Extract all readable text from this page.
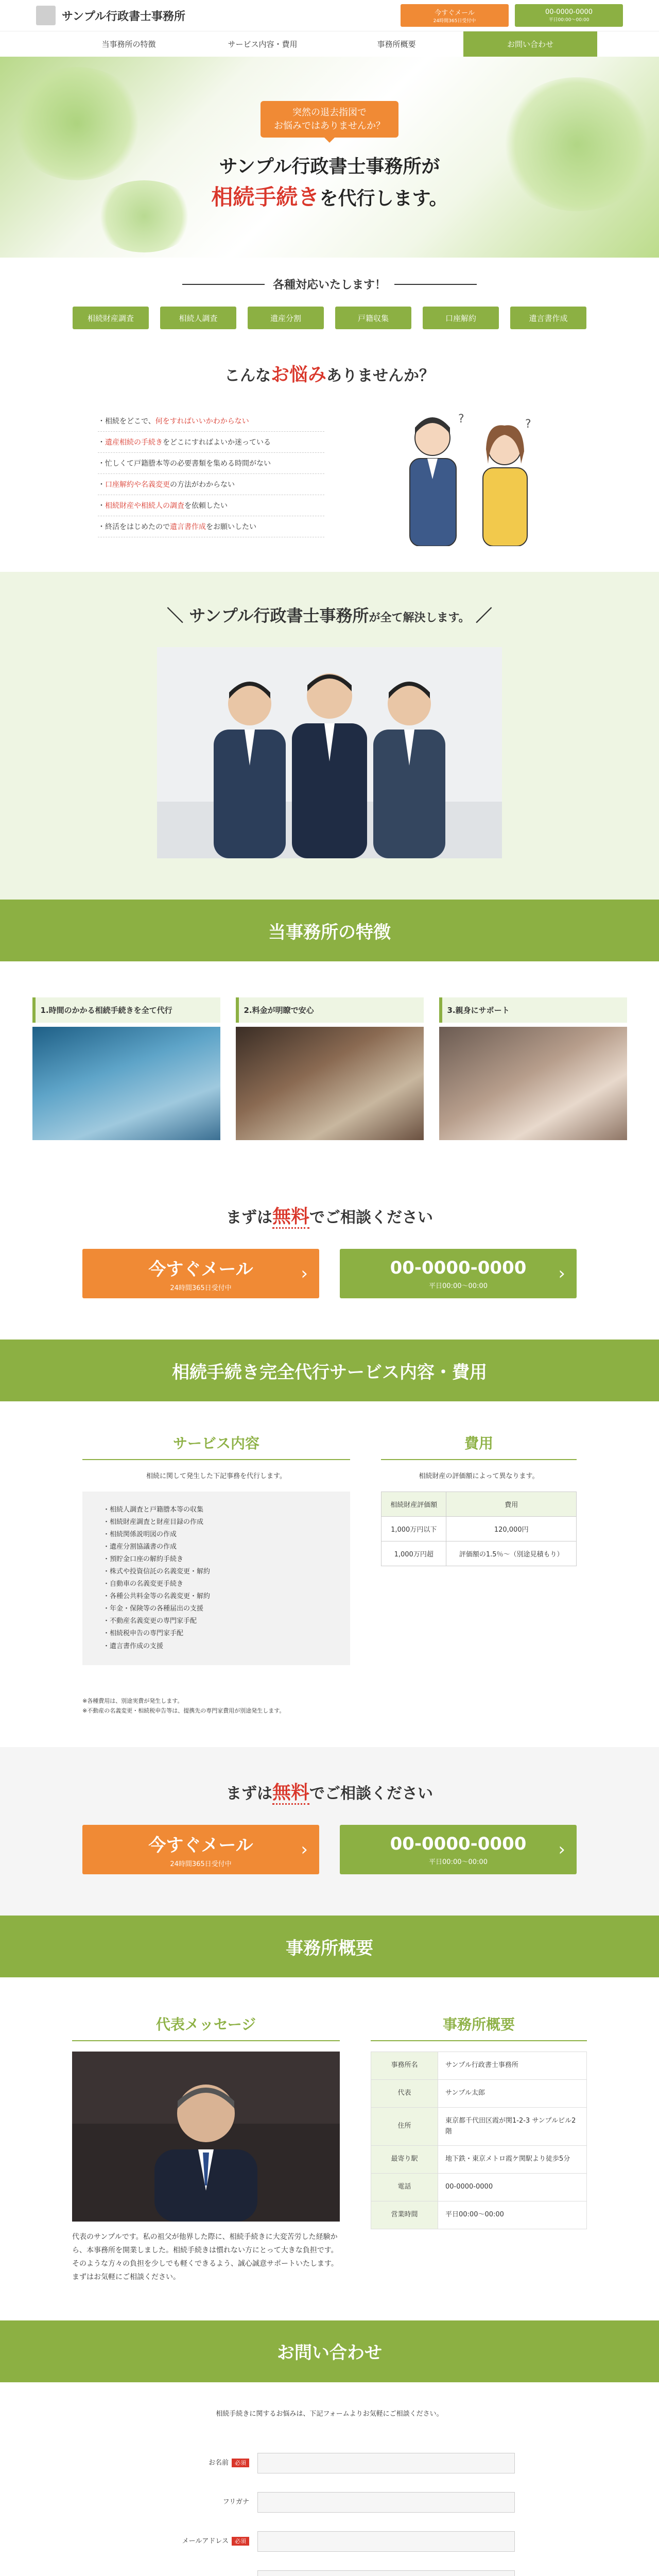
サンプル行政書士事務所	今すぐメール
24時間365日受付中
00-0000-0000
平日00:00〜00:00
当事務所の特徴	サービス内容・費用	事務所概要	お問い合わせ
突然の退去指図で
お悩みではありませんか？
サンプル行政書士事務所が
相続手続きを代行します。
各種対応いたします！
相続財産調査	相続人調査	遺産分割	戸籍収集	口座解約	遺言書作成
こんなお悩みありませんか？
・相続をどこで、何をすればいいかわからない
・遺産相続の手続きをどこにすればよいか迷っている
・忙しくて戸籍謄本等の必要書類を集める時間がない
・口座解約や名義変更の方法がわからない
・相続財産や相続人の調査を依頼したい
・終活をはじめたので遺言書作成をお願いしたい
?	?
＼ サンプル行政書士事務所が全て解決します。 ／
当事務所の特徴
1.時間のかかる相続手続きを全て代行	2.料金が明瞭で安心	3.親身にサポート
まずは無料でご相談ください
今すぐメール
24時間365日受付中
›
00-0000-0000
平日00:00〜00:00
›
相続手続き完全代行サービス内容・費用
サービス内容

相続に関して発生した下記事務を代行します。

・相続人調査と戸籍謄本等の収集
・相続財産調査と財産目録の作成
・相続関係説明図の作成
・遺産分割協議書の作成
・預貯金口座の解約手続き
・株式や投資信託の名義変更・解約
・自動車の名義変更手続き
・各種公共料金等の名義変更・解約
・年金・保険等の各種届出の支援
・不動産名義変更の専門家手配
・相続税申告の専門家手配
・遺言書作成の支援
費用

相続財産の評価額によって異なります。

相続財産評価額	費用
1,000万円以下	120,000円
1,000万円超	評価額の1.5％〜（別途見積もり）
※各種費用は、別途実費が発生します。
※不動産の名義変更・相続税申告等は、提携先の専門家費用が別途発生します。
まずは無料でご相談ください
今すぐメール
24時間365日受付中
›
00-0000-0000
平日00:00〜00:00
›
事務所概要
代表メッセージ

代表のサンプルです。私の祖父が他界した際に、相続手続きに大変苦労した経験から、本事務所を開業しました。相続手続きは慣れない方にとって大きな負担です。そのような方々の負担を少しでも軽くできるよう、誠心誠意サポートいたします。まずはお気軽にご相談ください。

事務所概要
事務所名	サンプル行政書士事務所
代表	サンプル太郎
住所	東京都千代田区霞が関1-2-3 サンプルビル2階
最寄り駅	地下鉄・東京メトロ霞ケ関駅より徒歩5分
電話	00-0000-0000
営業時間	平日00:00〜00:00
お問い合わせ

相続手続きに関するお悩みは、下記フォームよりお気軽にご相談ください。

お名前 必須
フリガナ
メールアドレス 必須
